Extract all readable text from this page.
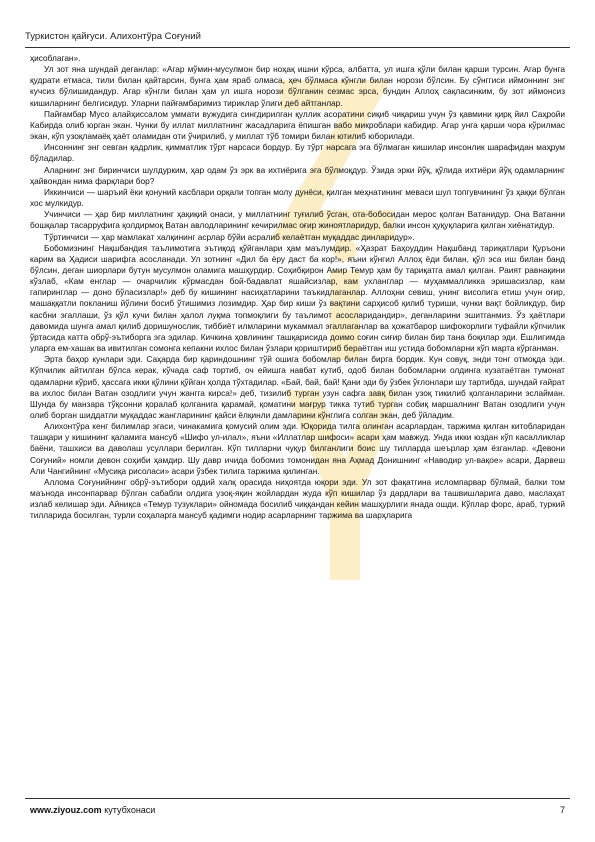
Туркистон қайғуси. Алихонтўра Соғуний

ҳисоблаган».

Ул зот яна шундай деганлар: «Агар мўмин-мусулмон бир ноҳақ ишни кўрса, албатта, ул ишга қўли билан қарши турсин. Агар бунга қудрати етмаса, тили билан қайтарсин, бунга ҳам яраб олмаса, ҳеч бўлмаса кўнгли билан норози бўлсин. Бу сўнггиси иймоннинг энг кучсиз бўлишидандур. Агар кўнгли билан ҳам ул ишга норози бўлганин сезмас эрса, бундин Аллоҳ сақласинким, бу зот иймонсиз кишиларнинг белгисидур. Уларни пайғамбаримиз тириклар ўлиги деб айтганлар.

Пайғамбар Мусо алайҳиссалом уммати вужудига сингдирилган қуллик асоратини сиқиб чиқариш учун ўз қавмини қирқ йил Саҳройи Кабирда олиб юрган экан. Чунки бу иллат миллатнинг жасадларига ёпишган вабо микроблари кабидир. Агар унга қарши чора кўрилмас экан, кўп узоқламаёқ ҳаёт оламидан оти ўчирилиб, у миллат тўб томири билан ютилиб юборилади.

Инсоннинг энг севган қадрлик, қимматлик тўрт нарсаси бордур. Бу тўрт нарсага эга бўлмаган кишилар инсонлик шарафидан маҳрум бўладилар.

Аларнинг энг биринчиси шулдурким, ҳар одам ўз эрк ва ихтиёрига эга бўлмоқдур. Ўзида эрки йўқ, қўлида ихтиёри йўқ одамларнинг ҳайвондан нима фарқлари бор?

Иккинчиси — шаръий ёки қонуний касблари орқали топган молу дунёси, қилган меҳнатининг меваси шул топгувчининг ўз ҳаққи бўлган хос мулкидур.

Учинчиси — ҳар бир миллатнинг ҳақиқий онаси, у миллатнинг туғилиб ўсган, ота-бобосидан мерос қолган Ватанидур. Она Ватанни бошқалар тасарруфига қолдирмоқ Ватан авлодларининг кечирилмас оғир жиноятларидур, балки инсон ҳуқуқларига қилган хиёнатидур.

Тўртинчиси — ҳар мамлакат халқининг асрлар бўйи асралиб келаётган муқаддас динларидур».

Бобомизнинг Нақшбандия таълимотига эътиқод қўйганлари ҳам маълумдир. «Ҳазрат Баҳоуддин Нақшбанд тариқатлари Қуръони карим ва Ҳадиси шарифга асосланади. Ул зотнинг «Дил ба ёру даст ба кор!», яъни кўнгил Аллоҳ ёди билан, қўл эса иш билан банд бўлсин, деган шиорлари бутун мусулмон оламига машҳурдир. Соҳибқирон Амир Темур ҳам бу тариқатга амал қилган. Раият равнақини кўзлаб, «Кам енглар — очарчилик кўрмасдан бой-бадавлат яшайсизлар, кам ухланглар — муҳаммалликка эришасизлар, кам гапиринглар — доно бўласизлар!» деб бу кишининг насиҳатларини таъкидлаганлар. Аллоҳни севиш, унинг висолига етиш учун оғир, машаққатли покланиш йўлини босиб ўтишимиз лозимдир. Ҳар бир киши ўз вақтини сарҳисоб қилиб туриши, чунки вақт бойликдур, бир касбни эгаллаши, ўз қўл кучи билан ҳалол луқма топмоқлиги бу таълимот асосларидандир», деганларини эшитганмиз. Ўз ҳаётлари давомида шунга амал қилиб доришунослик, тиббиёт илмларини мукаммал эгаллаганлар ва ҳожатбарор шифокорлиги туфайли кўпчилик ўртасида катта обрў-эътиборга эга эдилар. Кичкина ҳовлининг ташқарисида доимо соғин сиғир билан бир тана боқилар эди. Ёшлигимда уларга ем-хашак ва ивитилган сомонга кепакни ихлос билан ўзлари қориштириб бераётган иш устида бобомларни кўп марта кўрганман.

Эрта баҳор кунлари эди. Саҳарда бир қариндошнинг тўй ошига бобомлар билан бирга бордик. Кун совуқ, энди тонг отмоқда эди. Кўпчилик айтилган бўлса керак, кўчада саф тортиб, оч ейишга навбат кутиб, одоб билан бобомларни олдинга кузатаётган тумонат одамларни кўриб, ҳассага икки қўлини қўйган ҳолда тўхтадилар. «Бай, бай, бай! Қани эди бу ўзбек ўғлонлари шу тартибда, шундай ғайрат ва ихлос билан Ватан озодлиги учун жангга кирса!» деб, тизилиб турган узун сафга завқ билан узоқ тикилиб қолганларини эслайман. Шунда бу манзара тўқсонни қоралаб қолганига қарамай, қоматини мағрур тикка тутиб турган собиқ маршалнинг Ватан озодлиги учун олиб борган шиддатли муқаддас жангларининг қайси ёлқинли дамларини кўнглига солган экан, деб ўйладим.

Алихонтўра кенг билимлар эгаси, чинакамига қомусий олим эди. Юқорида тилга олинган асарлардан, таржима қилган китобларидан ташқари у кишининг қаламига мансуб «Шифо ул-илал», яъни «Иллатлар шифоси» асари ҳам мавжуд. Унда икки юздан кўп касалликлар баёни, ташхиси ва даволаш усуллари берилган. Кўп тилларни чуқур билганлиги боис шу тилларда шеърлар ҳам ёзганлар. «Девони Соғуний» номли девон соҳиби ҳамдир. Шу давр ичида бобомиз томонидан яна Аҳмад Донишнинг «Наводир ул-вақое» асари, Дарвеш Али Чангийнинг «Мусиқа рисоласи» асари ўзбек тилига таржима қилинган.

Алломa Соғунийнинг обрў-эътибори оддий халқ орасида ниҳоятда юқори эди. Ул зот фақатгина исломпарвар бўлмай, балки том маънода инсонпарвар бўлган сабабли олдига узоқ-яқин жойлардан жуда кўп кишилар ўз дардлари ва ташвишларига даво, маслаҳат излаб келишар эди. Айниқса «Темур тузуклари» ойномада босилиб чиққандан кейин машҳурлиги янада ошди. Кўплар форс, араб, туркий тилларида босилган, турли соҳаларга мансуб қадимги нодир асарларнинг таржима ва шарҳларига

www.ziyouz.com кутубхонаси	7
